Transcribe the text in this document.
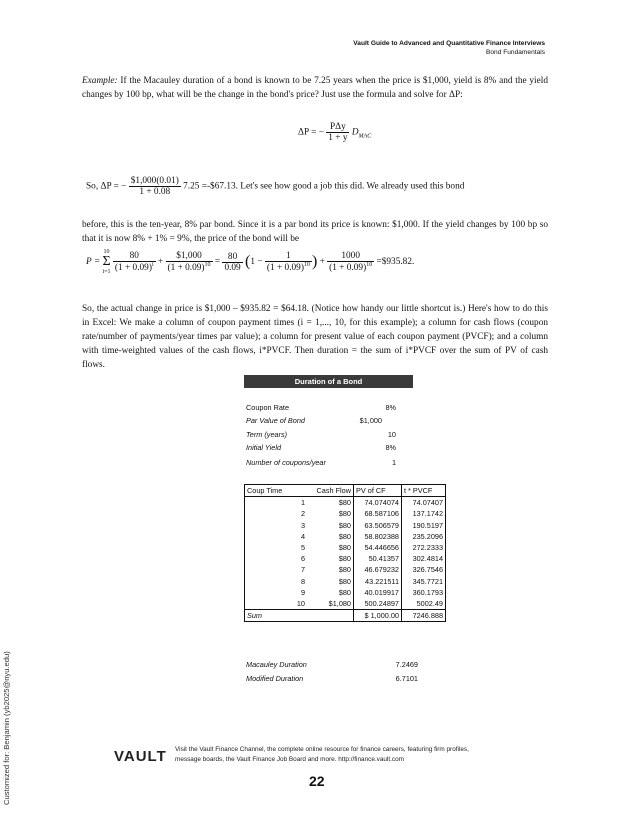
Vault Guide to Advanced and Quantitative Finance Interviews
Bond Fundamentals
Customized for: Benjamin (yb2025@nyu.edu)
Example: If the Macauley duration of a bond is known to be 7.25 years when the price is $1,000, yield is 8% and the yield changes by 100 bp, what will be the change in the bond's price? Just use the formula and solve for ΔP:
ΔP = − $\frac{\text{PΔy}}{1 + y} D_{MAC}$
So, ΔP = − $\frac{\$1,000(0.01)}{1 + 0.08} 7.25$ =-$67.13. Let's see how good a job this did. We already used this bond
before, this is the ten-year, 8% par bond. Since it is a par bond its price is known: $1,000. If the yield changes by 100 bp so that it is now 8% + 1% = 9%, the price of the bond will be
P =
10
Σ
i=1
$\frac{80}{(1 + 0.09)^i} + \frac{\$1,000}{(1 + 0.09)^{10}} = \frac{80}{0.09} (1 - \frac{1}{(1 + 0.09)^{10}}$ ) + $\frac{1000}{(1 + 0.09)^{10}}$ =$935.82.
So, the actual change in price is $1,000 – $935.82 = $64.18. (Notice how handy our little shortcut is.) Here's how to do this in Excel: We make a column of coupon payment times (i = 1,..., 10, for this example); a column for cash flows (coupon rate/number of payments/year times par value); a column for present value of each coupon payment (PVCF); and a column with time-weighted values of the cash flows, i*PVCF. Then duration = the sum of i*PVCF over the sum of PV of cash flows.
Duration of a Bond
Coupon Rate	8%
Par Value of Bond	$1,000
Term (years)	10
Initial Yield	8%
Number of coupons/year	1
Coup Time	Cash Flow	PV of CF	t * PVCF
1	$80	74.074074	74.07407
2	$80	68.587106	137.1742
3	$80	63.506579	190.5197
4	$80	58.802388	235.2096
5	$80	54.446656	272.2333
6	$80	50.41357	302.4814
7	$80	46.679232	326.7546
8	$80	43.221511	345.7721
9	$80	40.019917	360.1793
10	$1,080	500.24897	5002.49
Sum		$ 1,000.00	7246.888
Macauley Duration	7.2469
Modified Duration	6.7101
VAULT Visit the Vault Finance Channel, the complete online resource for finance careers, featuring firm profiles,
message boards, the Vault Finance Job Board and more. http://finance.vault.com
22
